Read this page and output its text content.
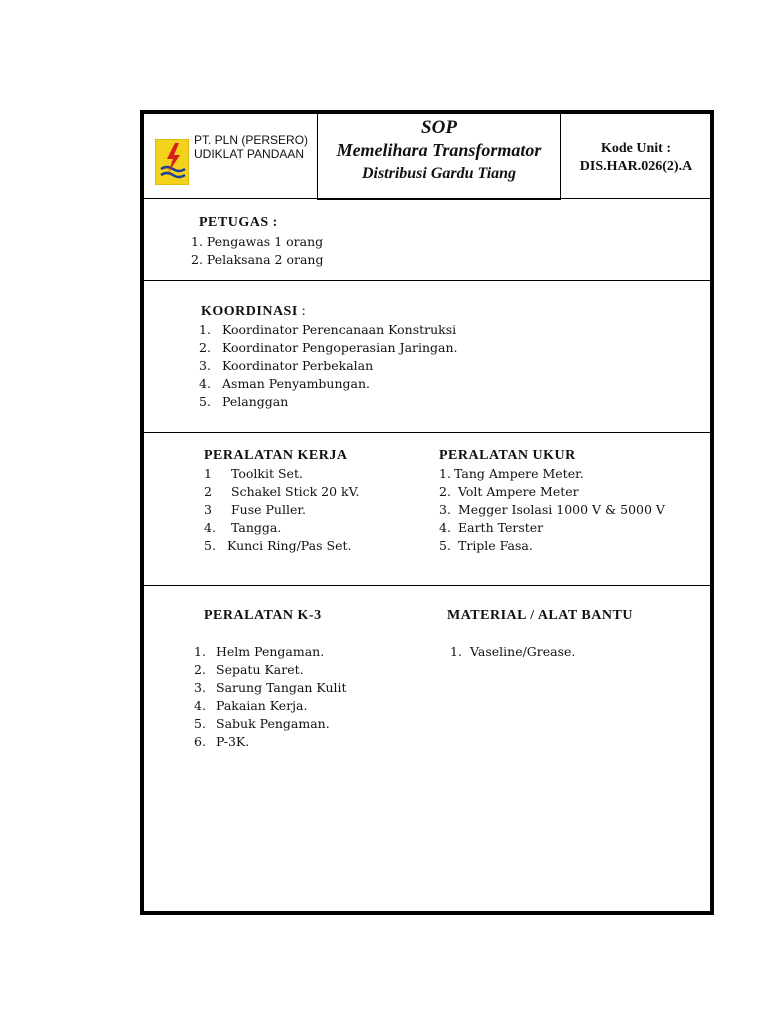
PT. PLN (PERSERO)
UDIKLAT PANDAAN
SOP
Memelihara Transformator
Distribusi Gardu Tiang
Kode Unit :
DIS.HAR.026(2).A
PETUGAS :
1. Pengawas 1 orang
2. Pelaksana 2 orang
KOORDINASI :
1. Koordinator Perencanaan Konstruksi
2. Koordinator Pengoperasian Jaringan.
3. Koordinator Perbekalan
4. Asman Penyambungan.
5. Pelanggan
PERALATAN KERJA
1 Toolkit Set.
2 Schakel Stick 20 kV.
3 Fuse Puller.
4. Tangga.
5. Kunci Ring/Pas Set.
PERALATAN UKUR
1. Tang Ampere Meter.
2. Volt Ampere Meter
3. Megger Isolasi 1000 V & 5000 V
4. Earth Terster
5. Triple Fasa.
PERALATAN K-3
1. Helm Pengaman.
2. Sepatu Karet.
3. Sarung Tangan Kulit
4. Pakaian Kerja.
5. Sabuk Pengaman.
6. P-3K.
MATERIAL / ALAT BANTU
1. Vaseline/Grease.
